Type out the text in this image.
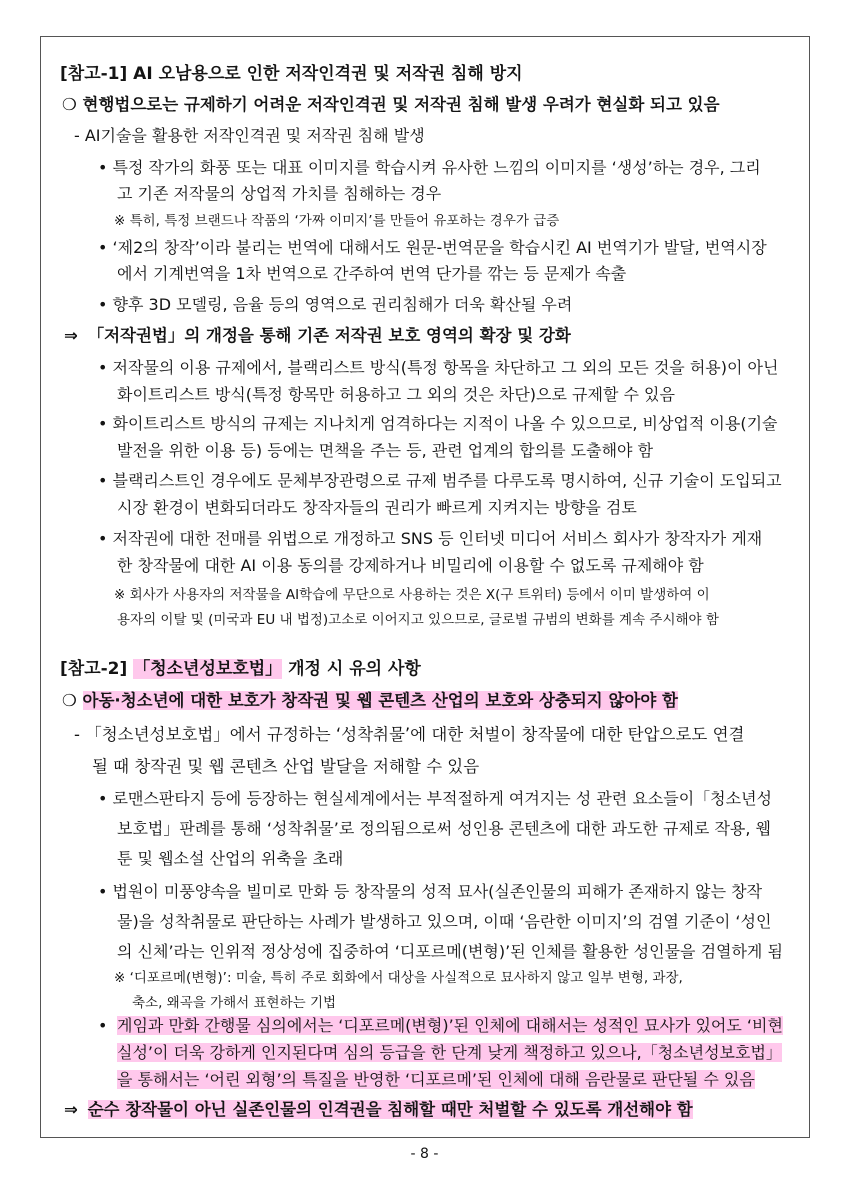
[참고-1] AI 오남용으로 인한 저작인격권 및 저작권 침해 방지
❍ 현행법으로는 규제하기 어려운 저작인격권 및 저작권 침해 발생 우려가 현실화 되고 있음
- AI기술을 활용한 저작인격권 및 저작권 침해 발생
• 특정 작가의 화풍 또는 대표 이미지를 학습시켜 유사한 느낌의 이미지를 ‘생성’하는 경우, 그리
고 기존 저작물의 상업적 가치를 침해하는 경우
※ 특히, 특정 브랜드나 작품의 ‘가짜 이미지’를 만들어 유포하는 경우가 급증
• ‘제2의 창작’이라 불리는 번역에 대해서도 원문-번역문을 학습시킨 AI 번역기가 발달, 번역시장
에서 기계번역을 1차 번역으로 간주하여 번역 단가를 깎는 등 문제가 속출
• 향후 3D 모델링, 음율 등의 영역으로 권리침해가 더욱 확산될 우려
⇒ 「저작권법」의 개정을 통해 기존 저작권 보호 영역의 확장 및 강화
• 저작물의 이용 규제에서, 블랙리스트 방식(특정 항목을 차단하고 그 외의 모든 것을 허용)이 아닌
화이트리스트 방식(특정 항목만 허용하고 그 외의 것은 차단)으로 규제할 수 있음
• 화이트리스트 방식의 규제는 지나치게 엄격하다는 지적이 나올 수 있으므로, 비상업적 이용(기술
발전을 위한 이용 등) 등에는 면책을 주는 등, 관련 업계의 합의를 도출해야 함
• 블랙리스트인 경우에도 문체부장관령으로 규제 범주를 다루도록 명시하여, 신규 기술이 도입되고
시장 환경이 변화되더라도 창작자들의 권리가 빠르게 지켜지는 방향을 검토
• 저작권에 대한 전매를 위법으로 개정하고 SNS 등 인터넷 미디어 서비스 회사가 창작자가 게재
한 창작물에 대한 AI 이용 동의를 강제하거나 비밀리에 이용할 수 없도록 규제해야 함
※ 회사가 사용자의 저작물을 AI학습에 무단으로 사용하는 것은 X(구 트위터) 등에서 이미 발생하여 이
용자의 이탈 및 (미국과 EU 내 법정)고소로 이어지고 있으므로, 글로벌 규범의 변화를 계속 주시해야 함
[참고-2] 「청소년성보호법」 개정 시 유의 사항
❍ 아동·청소년에 대한 보호가 창작권 및 웹 콘텐츠 산업의 보호와 상충되지 않아야 함
- 「청소년성보호법」에서 규정하는 ‘성착취물’에 대한 처벌이 창작물에 대한 탄압으로도 연결
될 때 창작권 및 웹 콘텐츠 산업 발달을 저해할 수 있음
• 로맨스판타지 등에 등장하는 현실세계에서는 부적절하게 여겨지는 성 관련 요소들이「청소년성
보호법」판례를 통해 ‘성착취물’로 정의됨으로써 성인용 콘텐츠에 대한 과도한 규제로 작용, 웹
툰 및 웹소설 산업의 위축을 초래
• 법원이 미풍양속을 빌미로 만화 등 창작물의 성적 묘사(실존인물의 피해가 존재하지 않는 창작
물)을 성착취물로 판단하는 사례가 발생하고 있으며, 이때 ‘음란한 이미지’의 검열 기준이 ‘성인
의 신체’라는 인위적 정상성에 집중하여 ‘디포르메(변형)’된 인체를 활용한 성인물을 검열하게 됨
※ ‘디포르메(변형)’: 미술, 특히 주로 회화에서 대상을 사실적으로 묘사하지 않고 일부 변형, 과장,
축소, 왜곡을 가해서 표현하는 기법
• 게임과 만화 간행물 심의에서는 ‘디포르메(변형)’된 인체에 대해서는 성적인 묘사가 있어도 ‘비현
실성’이 더욱 강하게 인지된다며 심의 등급을 한 단계 낮게 책정하고 있으나,「청소년성보호법」
을 통해서는 ‘어린 외형’의 특질을 반영한 ‘디포르메’된 인체에 대해 음란물로 판단될 수 있음
⇒ 순수 창작물이 아닌 실존인물의 인격권을 침해할 때만 처벌할 수 있도록 개선해야 함
- 8 -
